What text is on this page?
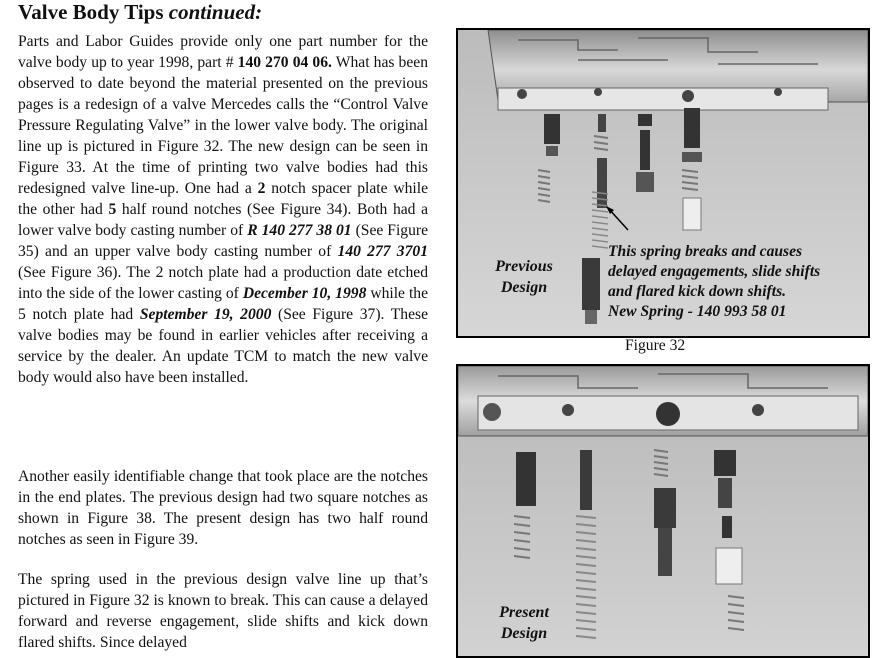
Valve Body Tips continued:
Parts and Labor Guides provide only one part number for the valve body up to year 1998, part # 140 270 04 06. What has been observed to date beyond the material presented on the previous pages is a redesign of a valve Mercedes calls the “Control Valve Pressure Regulating Valve” in the lower valve body. The original line up is pictured in Figure 32. The new design can be seen in Figure 33. At the time of printing two valve bodies had this redesigned valve line-up. One had a 2 notch spacer plate while the other had 5 half round notches (See Figure 34). Both had a lower valve body casting number of R 140 277 38 01 (See Figure 35) and an upper valve body casting number of 140 277 3701 (See Figure 36). The 2 notch plate had a production date etched into the side of the lower casting of December 10, 1998 while the 5 notch plate had September 19, 2000 (See Figure 37). These valve bodies may be found in earlier vehicles after receiving a service by the dealer. An update TCM to match the new valve body would also have been installed.
Another easily identifiable change that took place are the notches in the end plates. The previous design had two square notches as shown in Figure 38. The present design has two half round notches as seen in Figure 39.
The spring used in the previous design valve line up that’s pictured in Figure 32 is known to break. This can cause a delayed forward and reverse engagement, slide shifts and kick down flared shifts. Since delayed
Previous
Design
This spring breaks and causes
delayed engagements, slide shifts
and flared kick down shifts.
New Spring - 140 993 58 01
Figure 32
Present
Design
